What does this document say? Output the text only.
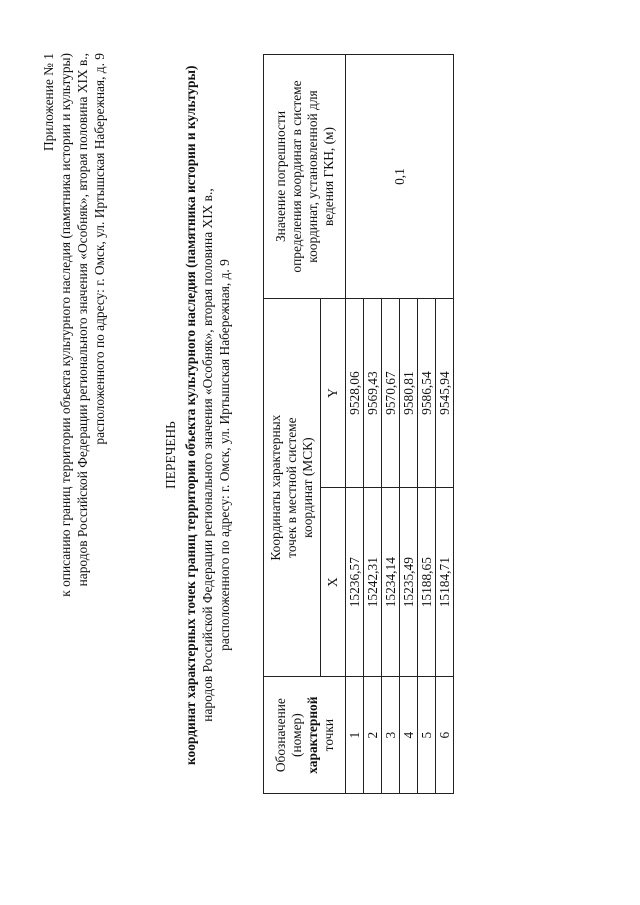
Приложение № 1 к описанию границ территории объекта культурного наследия (памятника истории и культуры) народов Российской Федерации регионального значения «Особняк», вторая половина XIX в., расположенного по адресу: г. Омск, ул. Иртышская Набережная, д. 9
ПЕРЕЧЕНЬ координат характерных точек границ территории объекта культурного наследия (памятника истории и культуры) народов Российской Федерации регионального значения «Особняк», вторая половина XIX в., расположенного по адресу: г. Омск, ул. Иртышская Набережная, д. 9
Обозначение (номер) характерной точки	Координаты характерных точек в местной системе координат (МСК)		Значение погрешности определения координат в системе координат, установленной для ведения ГКН, (м)

	X	Y	
1	15236,57	9528,06	0,1
2	15242,31	9569,43	
3	15234,14	9570,67	
4	15235,49	9580,81	
5	15188,65	9586,54	
6	15184,71	9545,94	
